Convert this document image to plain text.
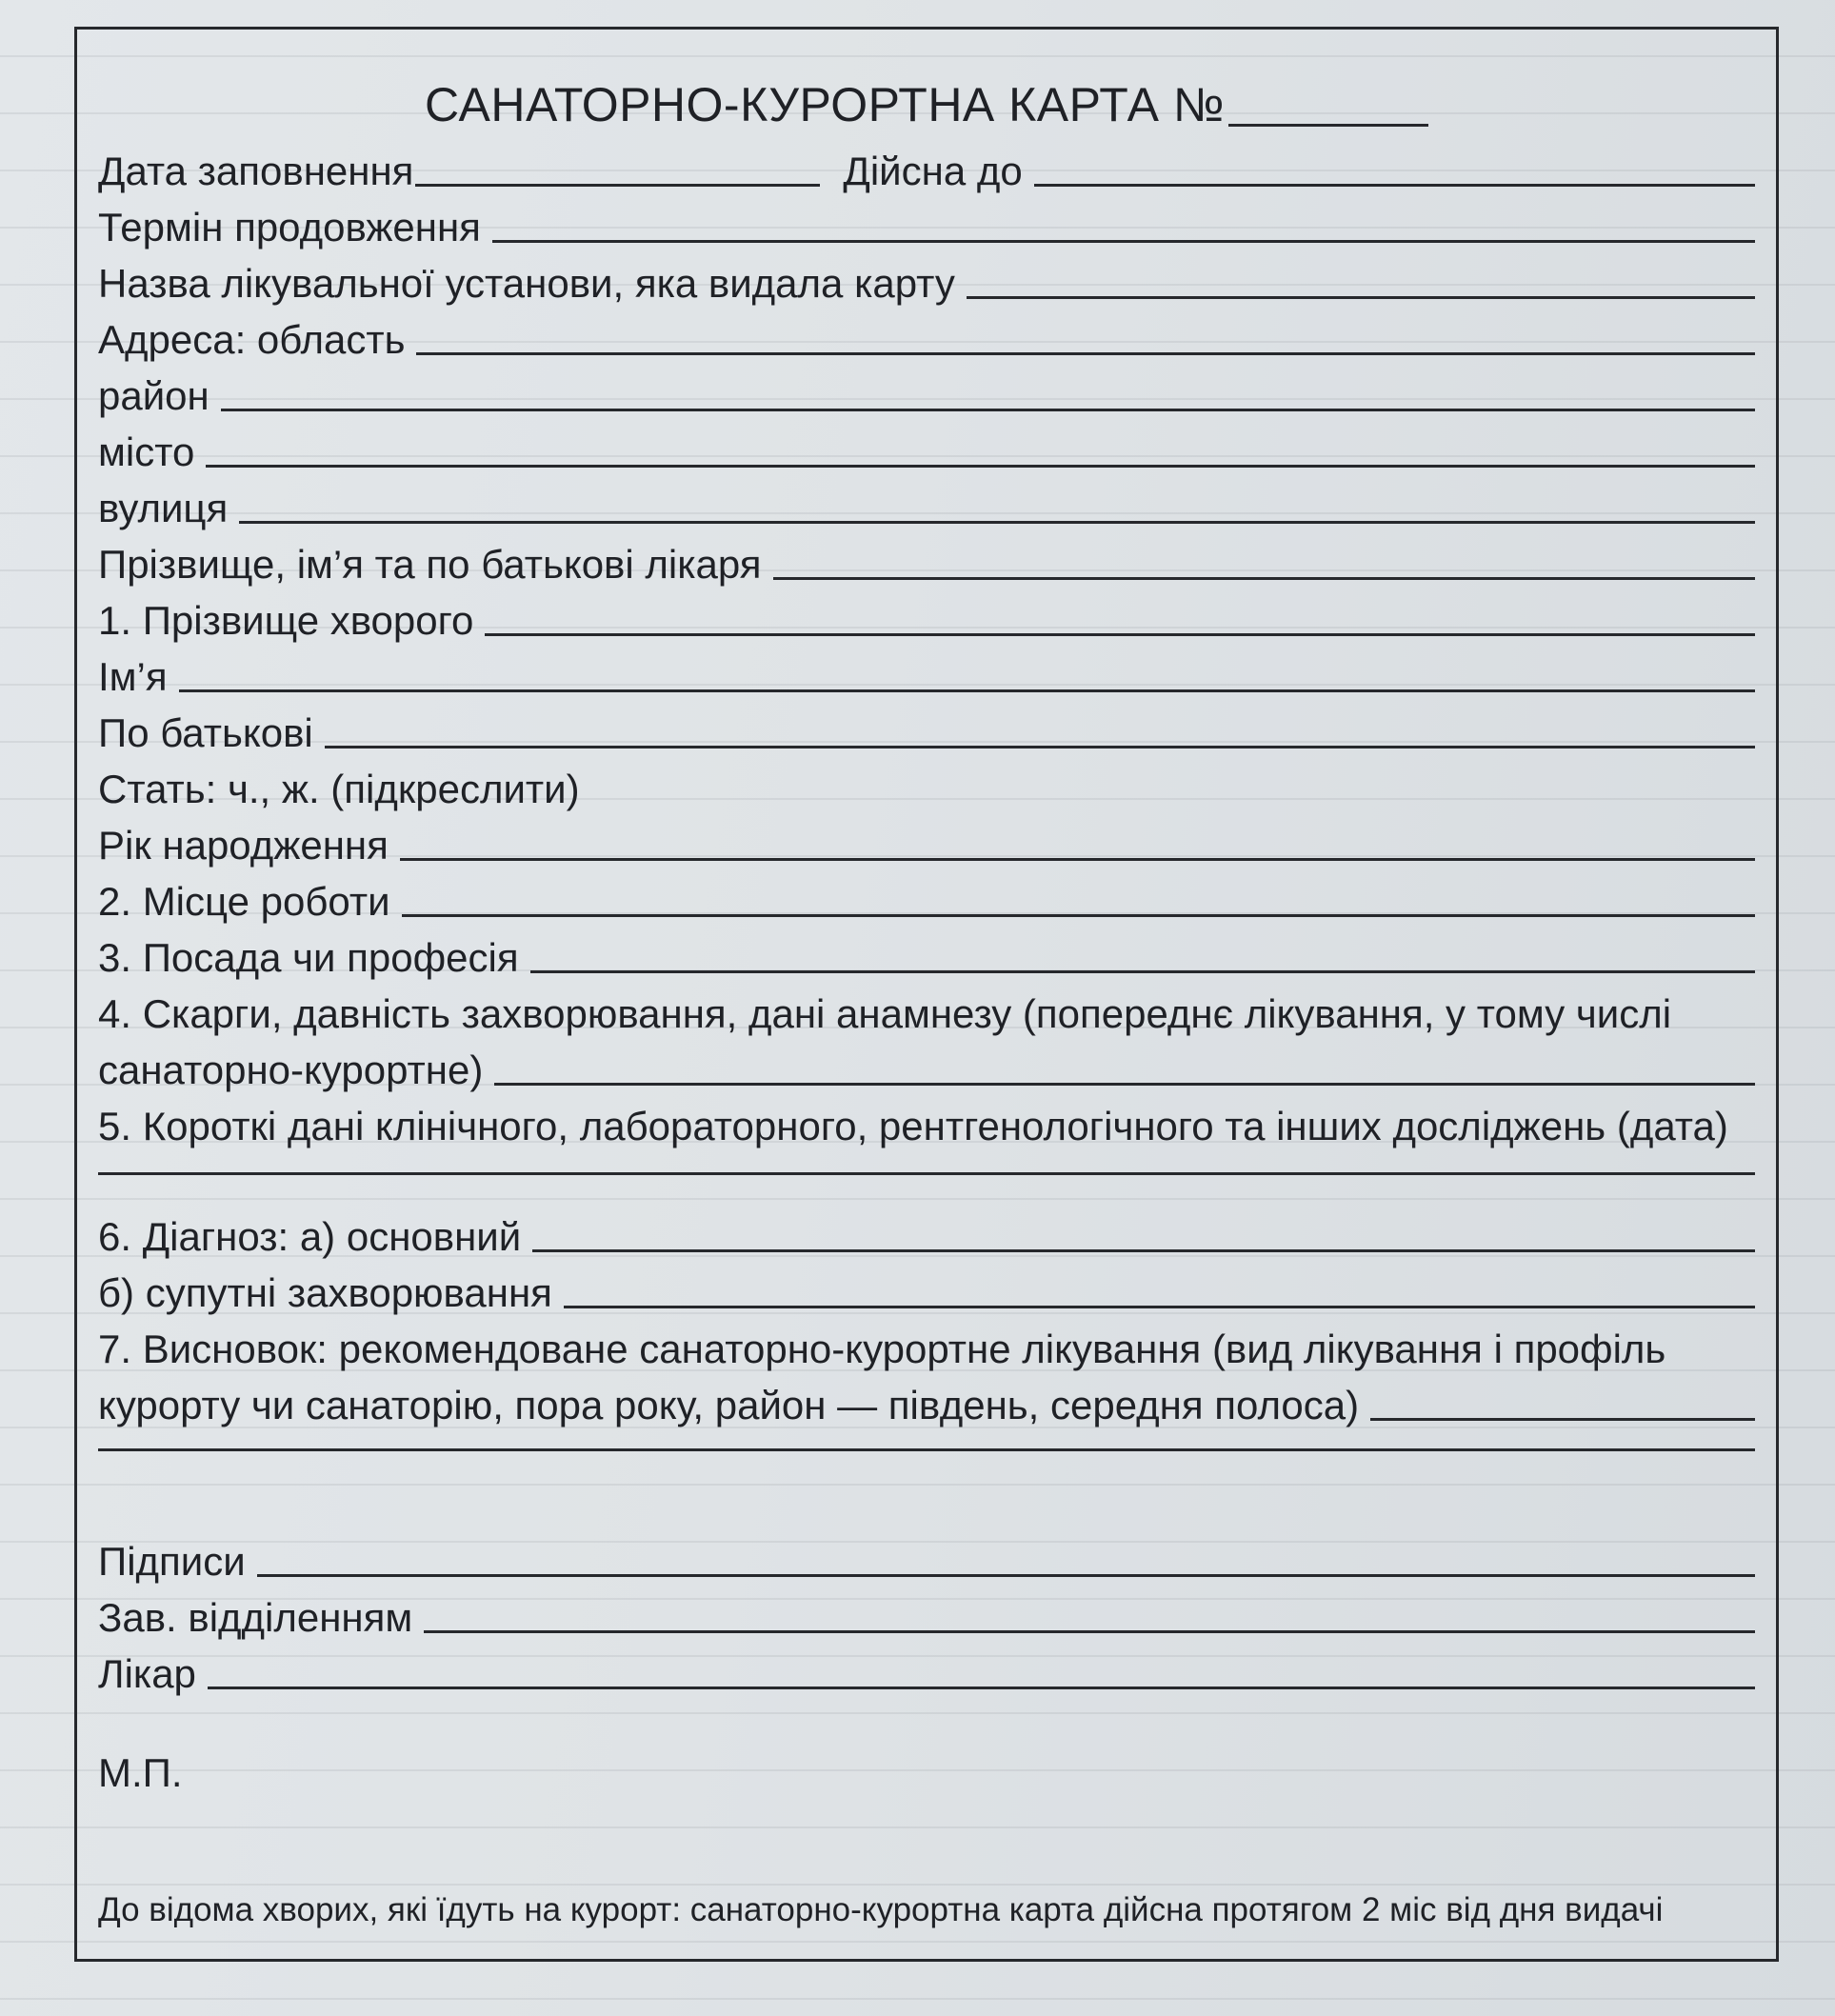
САНАТОРНО-КУРОРТНА КАРТА №
Дата заповнення	Дійсна до
Термін продовження
Назва лікувальної установи, яка видала карту
Адреса: область
район
місто
вулиця
Прізвище, ім’я та по батькові лікаря
1. Прізвище хворого
Ім’я
По батькові
Стать: ч., ж. (підкреслити)
Рік народження
2. Місце роботи
3. Посада чи професія
4. Скарги, давність захворювання, дані анамнезу (попереднє лікування, у тому числі
санаторно-курортне)
5. Короткі дані клінічного, лабораторного, рентгенологічного та інших досліджень (дата)
6. Діагноз: а) основний
б) супутні захворювання
7. Висновок: рекомендоване санаторно-курортне лікування (вид лікування і профіль
курорту чи санаторію, пора року, район — південь, середня полоса)
Підписи
Зав. відділенням
Лікар
М.П.
До відома хворих, які їдуть на курорт: санаторно-курортна карта дійсна протягом 2 міс від дня видачі
